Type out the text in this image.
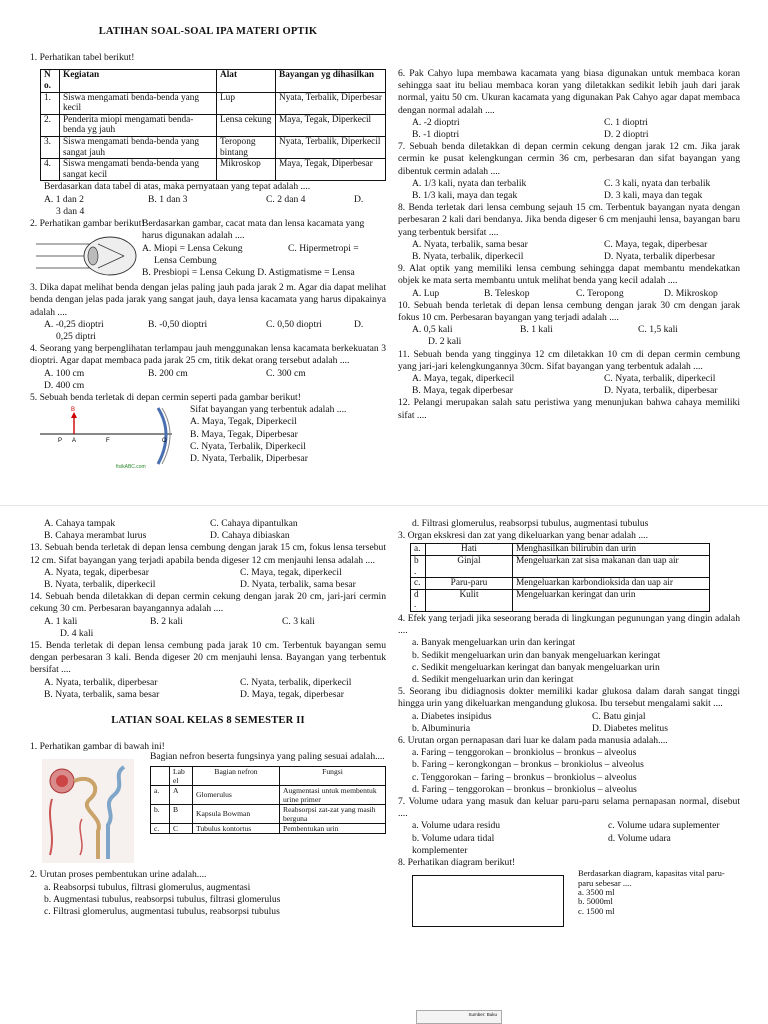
LATIHAN SOAL-SOAL IPA MATERI OPTIK

1. Perhatikan tabel berikut!

N o.	Kegiatan	Alat	Bayangan yg dihasilkan
1.	Siswa mengamati benda-benda yang kecil	Lup	Nyata, Terbalik, Diperbesar
2.	Penderita miopi mengamati benda-benda yg jauh	Lensa cekung	Maya, Tegak, Diperkecil
3.	Siswa mengamati benda-benda yang sangat jauh	Teropong bintang	Nyata, Terbalik, Diperkecil
4.	Siswa mengamati benda-benda yang sangat kecil	Mikroskop	Maya, Tegak, Diperbesar

Berdasarkan data tabel di atas, maka pernyataan yang tepat adalah ....

A. 1 dan 2	B. 1 dan 3	C. 2 dan 4	D.
3 dan 4

2. Perhatikan gambar berikut!

Berdasarkan gambar, cacat mata dan lensa kacamata yang harus digunakan adalah ....

A. Miopi = Lensa Cekung	C. Hipermetropi =

Lensa Cembung

B. Presbiopi = Lensa Cekung D. Astigmatisme = Lensa

3. Dika dapat melihat benda dengan jelas paling jauh pada jarak 2 m. Agar dia dapat melihat benda dengan jelas pada jarak yang sangat jauh, daya lensa kacamata yang harus dipakainya adalah ....

A. -0,25 dioptri	B. -0,50 dioptri	C. 0,50 dioptri	D.
0,25 diptri

4. Seorang yang berpenglihatan terlampau jauh menggunakan lensa kacamata berkekuatan 3 dioptri. Agar dapat membaca pada jarak 25 cm, titik dekat orang tersebut adalah ....

A. 100 cm	B. 200 cm	C. 300 cm
D. 400 cm

5. Sebuah benda terletak di depan cermin seperti pada gambar berikut!

B
P A	F	O
fisikABC.com

Sifat bayangan yang terbentuk adalah ....

A. Maya, Tegak, Diperkecil

B. Maya, Tegak, Diperbesar

C. Nyata, Terbalik, Diperkecil

D. Nyata, Terbalik, Diperbesar

6. Pak Cahyo lupa membawa kacamata yang biasa digunakan untuk membaca koran sehingga saat itu beliau membaca koran yang diletakkan sedikit lebih jauh dari jarak normal, yaitu 50 cm. Ukuran kacamata yang digunakan Pak Cahyo agar dapat membaca dengan normal adalah ....

A. -2 dioptri	C. 1 dioptri
B. -1 dioptri	D. 2 dioptri

7. Sebuah benda diletakkan di depan cermin cekung dengan jarak 12 cm. Jika jarak cermin ke pusat kelengkungan cermin 36 cm, perbesaran dan sifat bayangan yang dibentuk cermin adalah ....

A. 1/3 kali, nyata dan terbalik	C. 3 kali, nyata dan terbalik
B. 1/3 kali, maya dan tegak	D. 3 kali, maya dan tegak

8. Benda terletak dari lensa cembung sejauh 15 cm. Terbentuk bayangan nyata dengan perbesaran 2 kali dari bendanya. Jika benda digeser 6 cm menjauhi lensa, bayangan baru yang terbentuk bersifat ....

A. Nyata, terbalik, sama besar	C. Maya, tegak, diperbesar
B. Nyata, terbalik, diperkecil	D. Nyata, terbalik diperbesar

9. Alat optik yang memiliki lensa cembung sehingga dapat membantu mendekatkan objek ke mata serta membantu untuk melihat benda yang kecil adalah ....

A. Lup	B. Teleskop	C. Teropong	D. Mikroskop

10. Sebuah benda terletak di depan lensa cembung dengan jarak 30 cm dengan jarak fokus 10 cm. Perbesaran bayangan yang terjadi adalah ....

A. 0,5 kali	B. 1 kali	C. 1,5 kali
D. 2 kali

11. Sebuah benda yang tingginya 12 cm diletakkan 10 cm di depan cermin cembung yang jari-jari kelengkungannya 30cm. Sifat bayangan yang terbentuk adalah ....

A. Maya, tegak, diperkecil	C. Nyata, terbalik, diperkecil
B. Maya, tegak diperbesar	D. Nyata, terbalik, diperbesar

12. Pelangi merupakan salah satu peristiwa yang menunjukan bahwa cahaya memiliki sifat ....

A. Cahaya tampak	C. Cahaya dipantulkan
B. Cahaya merambat lurus	D. Cahaya dibiaskan

13. Sebuah benda terletak di depan lensa cembung dengan jarak 15 cm, fokus lensa tersebut 12 cm. Sifat bayangan yang terjadi apabila benda digeser 12 cm menjauhi lensa adalah ....

A. Nyata, tegak, diperbesar	C. Maya, tegak, diperkecil
B. Nyata, terbalik, diperkecil	D. Nyata, terbalik, sama besar

14. Sebuah benda diletakkan di depan cermin cekung dengan jarak 20 cm, jari-jari cermin cekung 30 cm. Perbesaran bayangannya adalah ....

A. 1 kali	B. 2 kali	C. 3 kali
D. 4 kali

15. Benda terletak di depan lensa cembung pada jarak 10 cm. Terbentuk bayangan semu dengan perbesaran 3 kali. Benda digeser 20 cm menjauhi lensa. Bayangan yang terbentuk bersifat ....

A. Nyata, terbalik, diperbesar	C. Nyata, terbalik, diperkecil
B. Nyata, terbalik, sama besar	D. Maya, tegak, diperbesar
LATIAN SOAL KELAS 8 SEMESTER II

1. Perhatikan gambar di bawah ini!

Bagian nefron beserta fungsinya yang paling sesuai adalah....

	Lab el	Bagian nefron	Fungsi
a.	A	Glomerulus	Augmentasi untuk membentuk urine primer
b.	B	Kapsula Bowman	Reabsorpsi zat-zat yang masih berguna
c.	C	Tubulus kontortus	Pembentukan urin

2. Urutan proses pembentukan urine adalah....

a. Reabsorpsi tubulus, filtrasi glomerulus, augmentasi

b. Augmentasi tubulus, reabsorpsi tubulus, filtrasi glomerulus

c. Filtrasi glomerulus, augmentasi tubulus, reabsorpsi tubulus

d. Filtrasi glomerulus, reabsorpsi tubulus, augmentasi tubulus

3. Organ ekskresi dan zat yang dikeluarkan yang benar adalah ....

a.	Hati	Menghasilkan bilirubin dan urin
b .	Ginjal	Mengeluarkan zat sisa makanan dan uap air
c.	Paru-paru	Mengeluarkan karbondioksida dan uap air
d .	Kulit	Mengeluarkan keringat dan urin

4. Efek yang terjadi jika seseorang berada di lingkungan pegunungan yang dingin adalah ....

a. Banyak mengeluarkan urin dan keringat

b. Sedikit mengeluarkan urin dan banyak mengeluarkan keringat

c. Sedikit mengeluarkan keringat dan banyak mengeluarkan urin

d. Sedikit mengeluarkan urin dan keringat

5. Seorang ibu didiagnosis dokter memiliki kadar glukosa dalam darah sangat tinggi hingga urin yang dikeluarkan mengandung glukosa. Ibu tersebut mengalami sakit ....

a. Diabetes insipidus	C. Batu ginjal
b. Albuminuria	D. Diabetes melitus

6. Urutan organ pernapasan dari luar ke dalam pada manusia adalah....

a. Faring – tenggorokan – bronkiolus – bronkus – alveolus

b. Faring – kerongkongan – bronkus – bronkiolus – alveolus

c. Tenggorokan – faring – bronkus – bronkiolus – alveolus

d. Faring – tenggorokan – bronkus – bronkiolus – alveolus

7. Volume udara yang masuk dan keluar paru-paru selama pernapasan normal, disebut ....

a. Volume udara residu	c. Volume udara suplementer
b. Volume udara tidal	d. Volume udara
komplementer

8. Perhatikan diagram berikut!

Berdasarkan diagram, kapasitas vital paru-paru sebesar ....

a. 3500 ml

b. 5000ml

c. 1500 ml

Sumber: Buku
